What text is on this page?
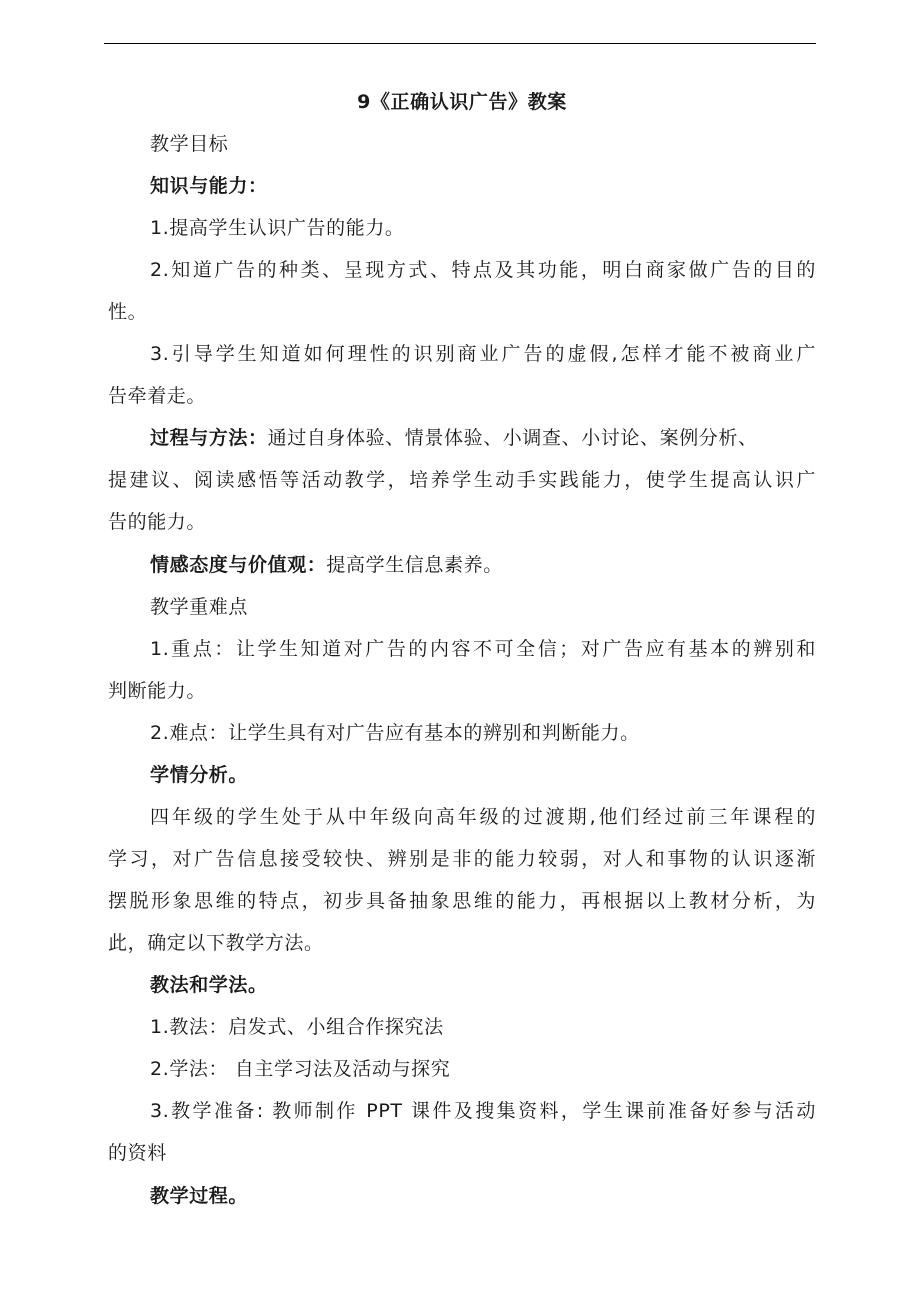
9《正确认识广告》教案
教学目标
知识与能力：
1.提高学生认识广告的能力。
2.知道广告的种类、呈现方式、特点及其功能，明白商家做广告的目的
性。
3.引导学生知道如何理性的识别商业广告的虚假,怎样才能不被商业广
告牵着走。
过程与方法：通过自身体验、情景体验、小调查、小讨论、案例分析、
提建议、阅读感悟等活动教学，培养学生动手实践能力，使学生提高认识广
告的能力。
情感态度与价值观：提高学生信息素养。
教学重难点
1.重点：让学生知道对广告的内容不可全信；对广告应有基本的辨别和
判断能力。
2.难点：让学生具有对广告应有基本的辨别和判断能力。
学情分析。
四年级的学生处于从中年级向高年级的过渡期,他们经过前三年课程的
学习，对广告信息接受较快、辨别是非的能力较弱，对人和事物的认识逐渐
摆脱形象思维的特点，初步具备抽象思维的能力，再根据以上教材分析，为
此，确定以下教学方法。
教法和学法。
1.教法：启发式、小组合作探究法
2.学法： 自主学习法及活动与探究
3.教学准备: 教师制作 PPT 课件及搜集资料，学生课前准备好参与活动
的资料
教学过程。
